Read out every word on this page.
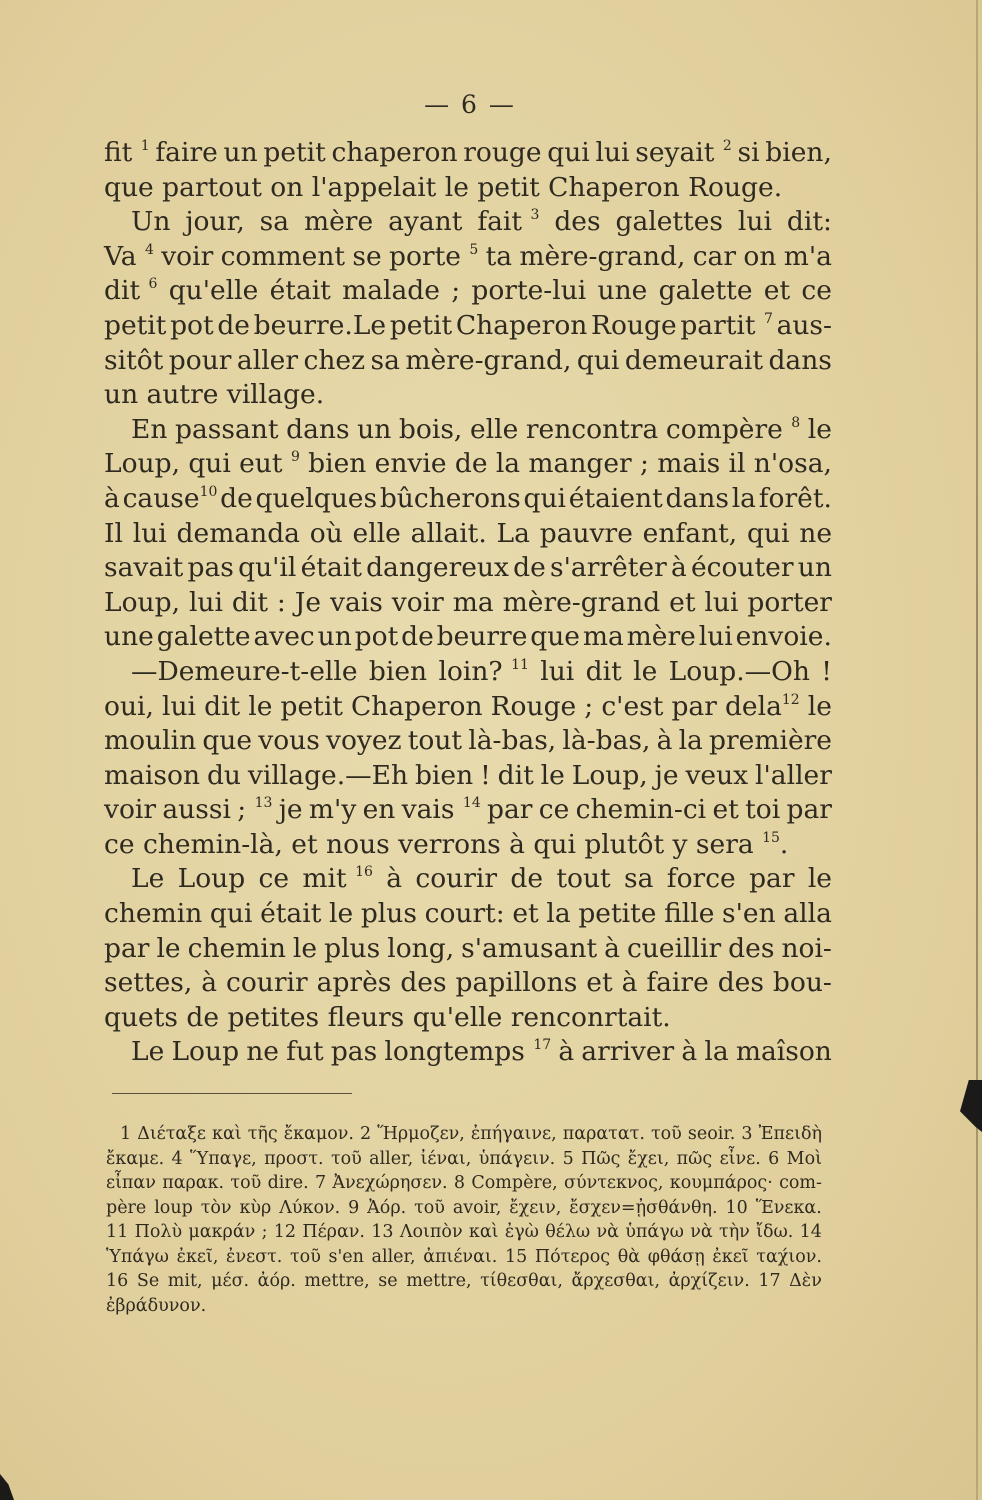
— 6 —
fit $^1$ faire un petit chaperon rouge qui lui seyait $^2$ si bien,
que partout on l'appelait le petit Chaperon Rouge.
Un jour, sa mère ayant fait $^3$ des galettes lui dit:
Va $^4$ voir comment se porte $^5$ ta mère-grand, car on m'a
dit $^6$ qu'elle était malade ; porte-lui une galette et ce
petit pot de beurre.Le petit Chaperon Rouge partit $^7$ aus-
sitôt pour aller chez sa mère-grand, qui demeurait dans
un autre village.
En passant dans un bois, elle rencontra compère $^8$ le
Loup, qui eut $^9$ bien envie de la manger ; mais il n'osa,
à cause$^{10}$ de quelques bûcherons qui étaient dans la forêt.
Il lui demanda où elle allait. La pauvre enfant, qui ne
savait pas qu'il était dangereux de s'arrêter à écouter un
Loup, lui dit : Je vais voir ma mère-grand et lui porter
une galette avec un pot de beurre que ma mère lui envoie.
—Demeure-t-elle bien loin? $^{11}$ lui dit le Loup.—Oh !
oui, lui dit le petit Chaperon Rouge ; c'est par dela$^{12}$ le
moulin que vous voyez tout là-bas, là-bas, à la première
maison du village.—Eh bien ! dit le Loup, je veux l'aller
voir aussi ; $^{13}$ je m'y en vais $^{14}$ par ce chemin-ci et toi par
ce chemin-là, et nous verrons à qui plutôt y sera $^{15}$.
Le Loup ce mit $^{16}$ à courir de tout sa force par le
chemin qui était le plus court: et la petite fille s'en alla
par le chemin le plus long, s'amusant à cueillir des noi-
settes, à courir après des papillons et à faire des bou-
quets de petites fleurs qu'elle renconrtait.
Le Loup ne fut pas longtemps $^{17}$ à arriver à la maîson
1 Διέταξε καὶ τῆς ἔκαμον. 2 Ἥρμοζεν, ἐπήγαινε, παρατατ. τοῦ seoir. 3 Ἐπειδὴ
ἔκαμε. 4 Ὕπαγε, προστ. τοῦ aller, ἰέναι, ὑπάγειν. 5 Πῶς ἔχει, πῶς εἶνε. 6 Μοὶ
εἶπαν παρακ. τοῦ dire. 7 Ἀνεχώρησεν. 8 Compère, σύντεκνος, κουμπάρος· com-
père loup τὸν κὺρ Λύκον. 9 Ἀόρ. τοῦ avoir, ἔχειν, ἔσχεν=ᾐσθάνθη. 10 Ἕνεκα.
11 Πολὺ μακράν ; 12 Πέραν. 13 Λοιπὸν καὶ ἐγὼ θέλω νὰ ὑπάγω νὰ τὴν ἴδω. 14
Ὑπάγω ἐκεῖ, ἐνεστ. τοῦ s'en aller, ἀπιέναι. 15 Πότερος θὰ φθάσῃ ἐκεῖ ταχ́ιον.
16 Se mit, μέσ. ἀόρ. mettre, se mettre, τίθεσθαι, ἄρχεσθαι, ἀρχίζειν. 17 Δὲν
ἐβράδυνον.
